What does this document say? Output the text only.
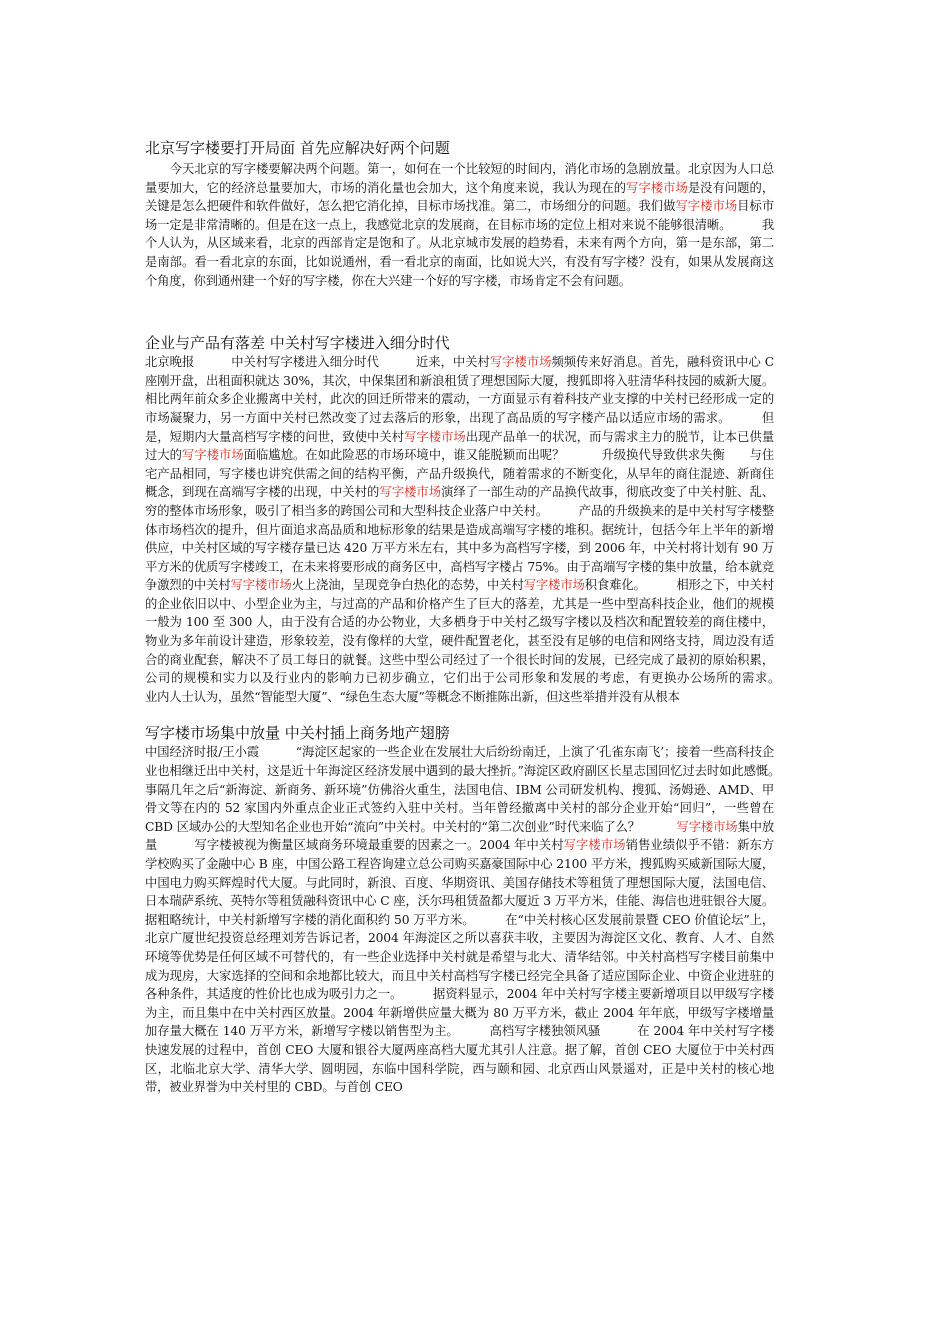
北京写字楼要打开局面 首先应解决好两个问题

　　今天北京的写字楼要解决两个问题。第一，如何在一个比较短的时间内，消化市场的急剧放量。北京因为人口总量要加大，它的经济总量要加大，市场的消化量也会加大，这个角度来说，我认为现在的写字楼市场是没有问题的，关键是怎么把硬件和软件做好，怎么把它消化掉，目标市场找准。第二，市场细分的问题。我们做写字楼市场目标市场一定是非常清晰的。但是在这一点上，我感觉北京的发展商，在目标市场的定位上相对来说不能够很清晰。　　　我个人认为，从区域来看，北京的西部肯定是饱和了。从北京城市发展的趋势看，未来有两个方向，第一是东部，第二是南部。看一看北京的东面，比如说通州，看一看北京的南面，比如说大兴，有没有写字楼？没有，如果从发展商这个角度，你到通州建一个好的写字楼，你在大兴建一个好的写字楼，市场肯定不会有问题。

企业与产品有落差 中关村写字楼进入细分时代

北京晚报　　　中关村写字楼进入细分时代　　　近来，中关村写字楼市场频频传来好消息。首先，融科资讯中心 C 座刚开盘，出租面积就达 30%，其次，中保集团和新浪租赁了理想国际大厦，搜狐即将入驻清华科技园的威新大厦。相比两年前众多企业搬离中关村，此次的回迁所带来的震动，一方面显示有着科技产业支撑的中关村已经形成一定的市场凝聚力，另一方面中关村已然改变了过去落后的形象，出现了高品质的写字楼产品以适应市场的需求。　　　但是，短期内大量高档写字楼的问世，致使中关村写字楼市场出现产品单一的状况，而与需求主力的脱节，让本已供量过大的写字楼市场面临尴尬。在如此险恶的市场环境中，谁又能脱颖而出呢？　　　升级换代导致供求失衡　　与住宅产品相同，写字楼也讲究供需之间的结构平衡，产品升级换代，随着需求的不断变化，从早年的商住混迹、新商住概念，到现在高端写字楼的出现，中关村的写字楼市场演绎了一部生动的产品换代故事，彻底改变了中关村脏、乱、穷的整体市场形象，吸引了相当多的跨国公司和大型科技企业落户中关村。　　　产品的升级换来的是中关村写字楼整体市场档次的提升，但片面追求高品质和地标形象的结果是造成高端写字楼的堆积。据统计，包括今年上半年的新增供应，中关村区域的写字楼存量已达 420 万平方米左右，其中多为高档写字楼，到 2006 年，中关村将计划有 90 万平方米的优质写字楼竣工，在未来将要形成的商务区中，高档写字楼占 75%。由于高端写字楼的集中放量，给本就竞争激烈的中关村写字楼市场火上浇油，呈现竞争白热化的态势，中关村写字楼市场积食难化。　　　相形之下，中关村的企业依旧以中、小型企业为主，与过高的产品和价格产生了巨大的落差，尤其是一些中型高科技企业，他们的规模一般为 100 至 300 人，由于没有合适的办公物业，大多栖身于中关村乙级写字楼以及档次和配置较差的商住楼中，物业为多年前设计建造，形象较差，没有像样的大堂，硬件配置老化，甚至没有足够的电信和网络支持，周边没有适合的商业配套，解决不了员工每日的就餐。这些中型公司经过了一个很长时间的发展，已经完成了最初的原始积累，公司的规模和实力以及行业内的影响力已初步确立，它们出于公司形象和发展的考虑，有更换办公场所的需求。　　　业内人士认为，虽然“智能型大厦”、“绿色生态大厦”等概念不断推陈出新，但这些举措并没有从根本

写字楼市场集中放量 中关村插上商务地产翅膀

中国经济时报/王小霞　　　“海淀区起家的一些企业在发展壮大后纷纷南迁，上演了‘孔雀东南飞’；接着一些高科技企业也相继迁出中关村，这是近十年海淀区经济发展中遇到的最大挫折。”海淀区政府副区长星志国回忆过去时如此感慨。　　　事隔几年之后“新海淀、新商务、新环境”仿佛浴火重生，法国电信、IBM 公司研发机构、搜狐、汤姆逊、AMD、甲骨文等在内的 52 家国内外重点企业正式签约入驻中关村。当年曾经撤离中关村的部分企业开始“回归”，一些曾在 CBD 区域办公的大型知名企业也开始“流向”中关村。中关村的“第二次创业”时代来临了么？　　　写字楼市场集中放量　　　写字楼被视为衡量区域商务环境最重要的因素之一。2004 年中关村写字楼市场销售业绩似乎不错：新东方学校购买了金融中心 B 座，中国公路工程咨询建立总公司购买嘉豪国际中心 2100 平方米，搜狐购买威新国际大厦，中国电力购买辉煌时代大厦。与此同时，新浪、百度、华期资讯、美国存储技术等租赁了理想国际大厦，法国电信、日本瑞萨系统、英特尔等租赁融科资讯中心 C 座，沃尔玛租赁盈都大厦近 3 万平方米，佳能、海信也进驻银谷大厦。据粗略统计，中关村新增写字楼的消化面积约 50 万平方米。　　　在“中关村核心区发展前景暨 CEO 价值论坛”上，北京广厦世纪投资总经理刘芳告诉记者，2004 年海淀区之所以喜获丰收，主要因为海淀区文化、教育、人才、自然环境等优势是任何区域不可替代的，有一些企业选择中关村就是希望与北大、清华结邻。中关村高档写字楼目前集中成为现房，大家选择的空间和余地都比较大，而且中关村高档写字楼已经完全具备了适应国际企业、中资企业进驻的各种条件，其适度的性价比也成为吸引力之一。　　　据资料显示，2004 年中关村写字楼主要新增项目以甲级写字楼为主，而且集中在中关村西区放量。2004 年新增供应量大概为 80 万平方米，截止 2004 年年底，甲级写字楼增量加存量大概在 140 万平方米，新增写字楼以销售型为主。　　　高档写字楼独领风骚　　　在 2004 年中关村写字楼快速发展的过程中，首创 CEO 大厦和银谷大厦两座高档大厦尤其引人注意。据了解，首创 CEO 大厦位于中关村西区，北临北京大学、清华大学、圆明园，东临中国科学院，西与颐和园、北京西山风景遥对，正是中关村的核心地带，被业界誉为中关村里的 CBD。与首创 CEO
